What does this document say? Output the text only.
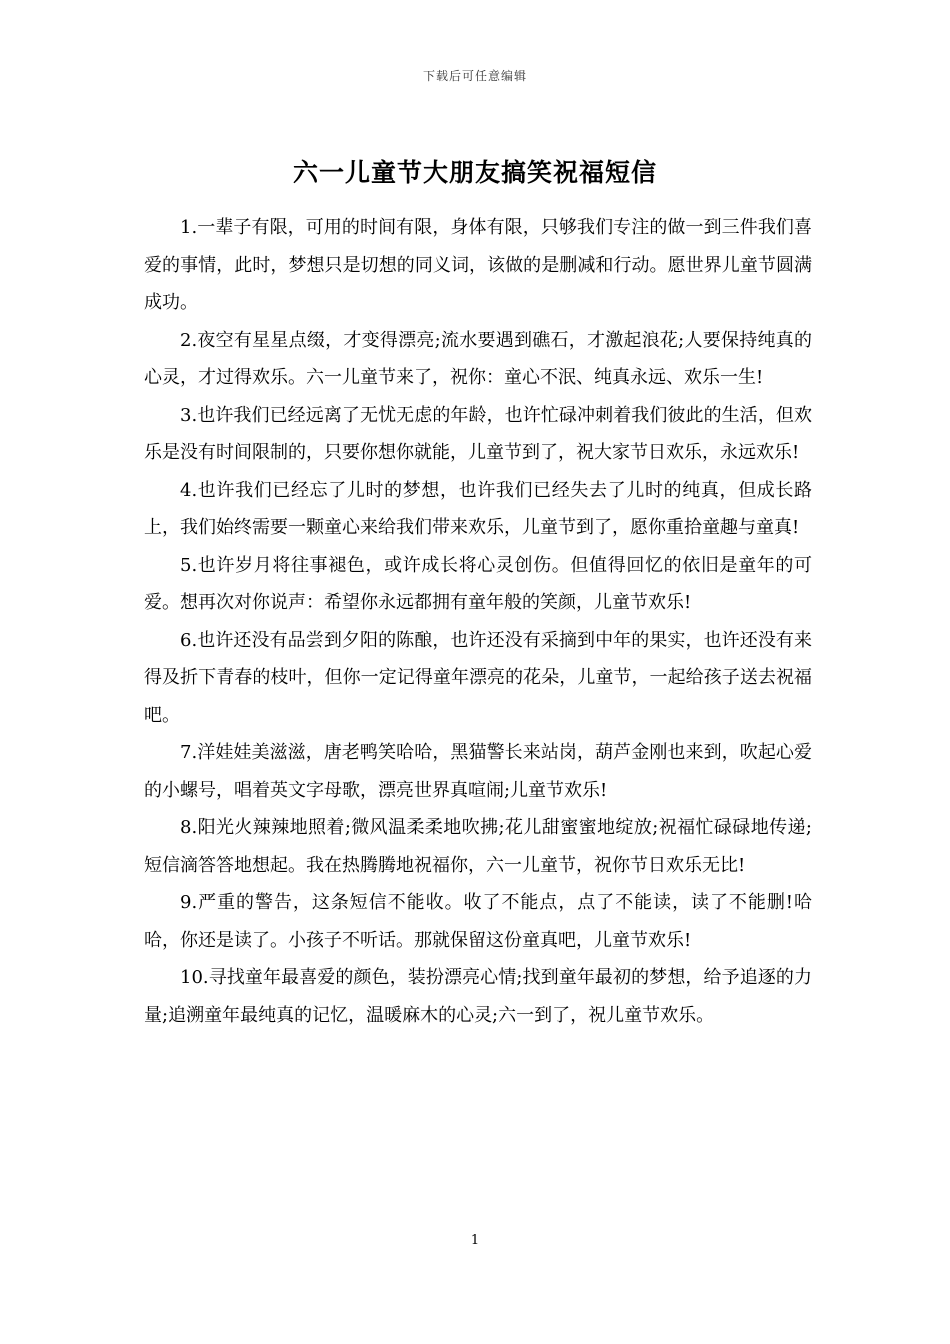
下载后可任意编辑
六一儿童节大朋友搞笑祝福短信

1.一辈子有限，可用的时间有限，身体有限，只够我们专注的做一到三件我们喜爱的事情，此时，梦想只是切想的同义词，该做的是删减和行动。愿世界儿童节圆满成功。

2.夜空有星星点缀，才变得漂亮;流水要遇到礁石，才激起浪花;人要保持纯真的心灵，才过得欢乐。六一儿童节来了，祝你：童心不泯、纯真永远、欢乐一生!

3.也许我们已经远离了无忧无虑的年龄，也许忙碌冲刺着我们彼此的生活，但欢乐是没有时间限制的，只要你想你就能，儿童节到了，祝大家节日欢乐，永远欢乐!

4.也许我们已经忘了儿时的梦想，也许我们已经失去了儿时的纯真，但成长路上，我们始终需要一颗童心来给我们带来欢乐，儿童节到了，愿你重拾童趣与童真!

5.也许岁月将往事褪色，或许成长将心灵创伤。但值得回忆的依旧是童年的可爱。想再次对你说声：希望你永远都拥有童年般的笑颜，儿童节欢乐!

6.也许还没有品尝到夕阳的陈酿，也许还没有采摘到中年的果实，也许还没有来得及折下青春的枝叶，但你一定记得童年漂亮的花朵，儿童节，一起给孩子送去祝福吧。

7.洋娃娃美滋滋，唐老鸭笑哈哈，黑猫警长来站岗，葫芦金刚也来到，吹起心爱的小螺号，唱着英文字母歌，漂亮世界真喧闹;儿童节欢乐!

8.阳光火辣辣地照着;微风温柔柔地吹拂;花儿甜蜜蜜地绽放;祝福忙碌碌地传递;短信滴答答地想起。我在热腾腾地祝福你，六一儿童节，祝你节日欢乐无比!

9.严重的警告，这条短信不能收。收了不能点，点了不能读，读了不能删!哈哈，你还是读了。小孩子不听话。那就保留这份童真吧，儿童节欢乐!

10.寻找童年最喜爱的颜色，装扮漂亮心情;找到童年最初的梦想，给予追逐的力量;追溯童年最纯真的记忆，温暖麻木的心灵;六一到了，祝儿童节欢乐。

1
